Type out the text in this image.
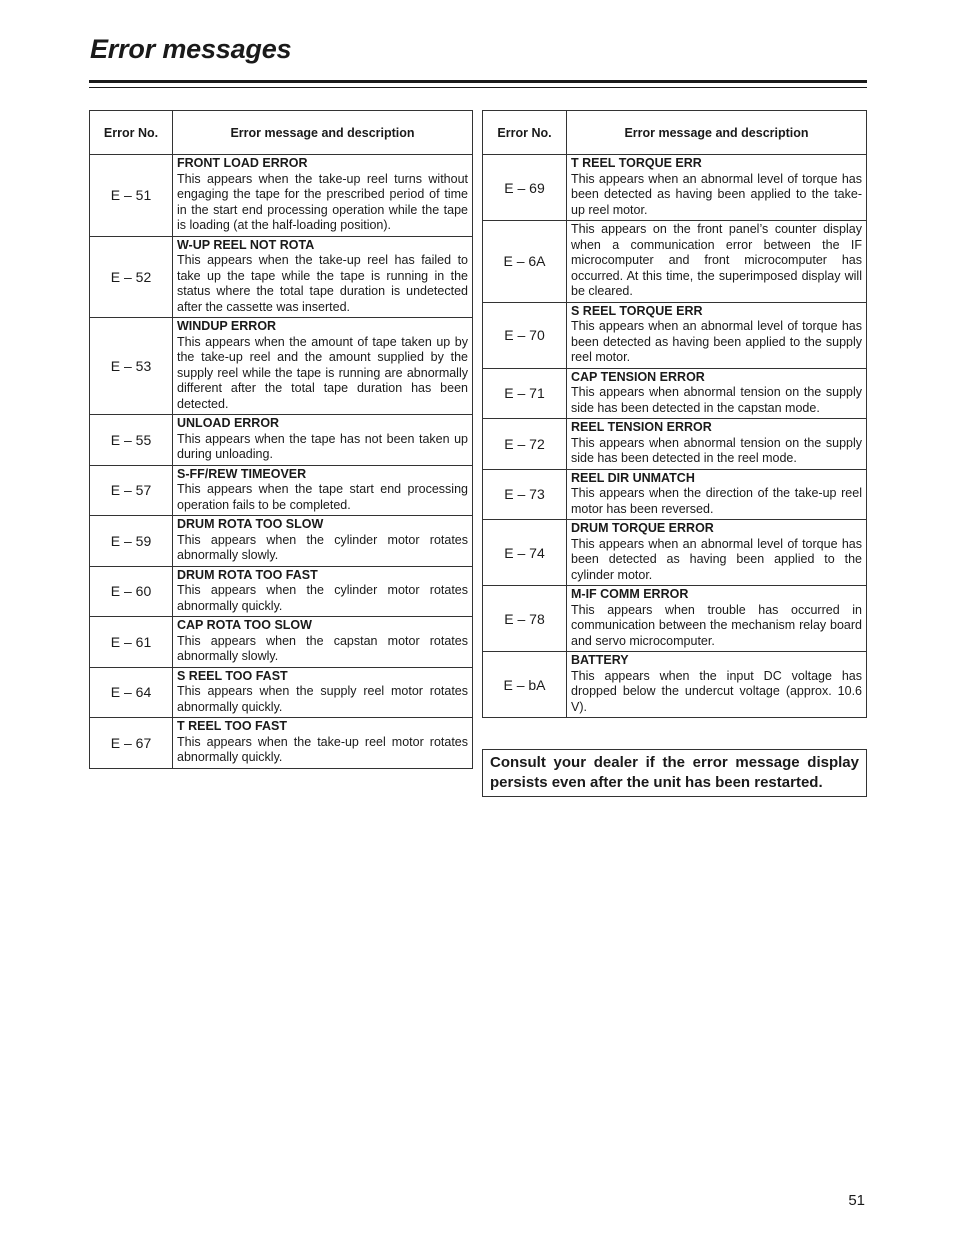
Error messages
Error No.	Error message and description
E – 51	FRONT LOAD ERROR
This appears when the take-up reel turns without engaging the tape for the prescribed period of time in the start end processing operation while the tape is loading (at the half-loading position).

E – 52	W-UP REEL NOT ROTA
This appears when the take-up reel has failed to take up the tape while the tape is running in the status where the total tape duration is undetected after the cassette was inserted.

E – 53	WINDUP ERROR
This appears when the amount of tape taken up by the take-up reel and the amount supplied by the supply reel while the tape is running are abnormally different after the total tape duration has been detected.

E – 55	UNLOAD ERROR
This appears when the tape has not been taken up during unloading.

E – 57	S-FF/REW TIMEOVER
This appears when the tape start end processing operation fails to be completed.

E – 59	DRUM ROTA TOO SLOW
This appears when the cylinder motor rotates abnormally slowly.

E – 60	DRUM ROTA TOO FAST
This appears when the cylinder motor rotates abnormally quickly.

E – 61	CAP ROTA TOO SLOW
This appears when the capstan motor rotates abnormally slowly.

E – 64	S REEL TOO FAST
This appears when the supply reel motor rotates abnormally quickly.

E – 67	T REEL TOO FAST
This appears when the take-up reel motor rotates abnormally quickly.
Error No.	Error message and description
E – 69	T REEL TORQUE ERR
This appears when an abnormal level of torque has been detected as having been applied to the take-up reel motor.

E – 6A	This appears on the front panel’s counter display when a communication error between the IF microcomputer and front microcomputer has occurred. At this time, the superimposed display will be cleared.

E – 70	S REEL TORQUE ERR
This appears when an abnormal level of torque has been detected as having been applied to the supply reel motor.

E – 71	CAP TENSION ERROR
This appears when abnormal tension on the supply side has been detected in the capstan mode.

E – 72	REEL TENSION ERROR
This appears when abnormal tension on the supply side has been detected in the reel mode.

E – 73	REEL DIR UNMATCH
This appears when the direction of the take-up reel motor has been reversed.

E – 74	DRUM TORQUE ERROR
This appears when an abnormal level of torque has been detected as having been applied to the cylinder motor.

E – 78	M-IF COMM ERROR
This appears when trouble has occurred in communication between the mechanism relay board and servo microcomputer.

E – bA	BATTERY
This appears when the input DC voltage has dropped below the undercut voltage (approx. 10.6 V).
Consult your dealer if the error message display persists even after the unit has been restarted.
51
